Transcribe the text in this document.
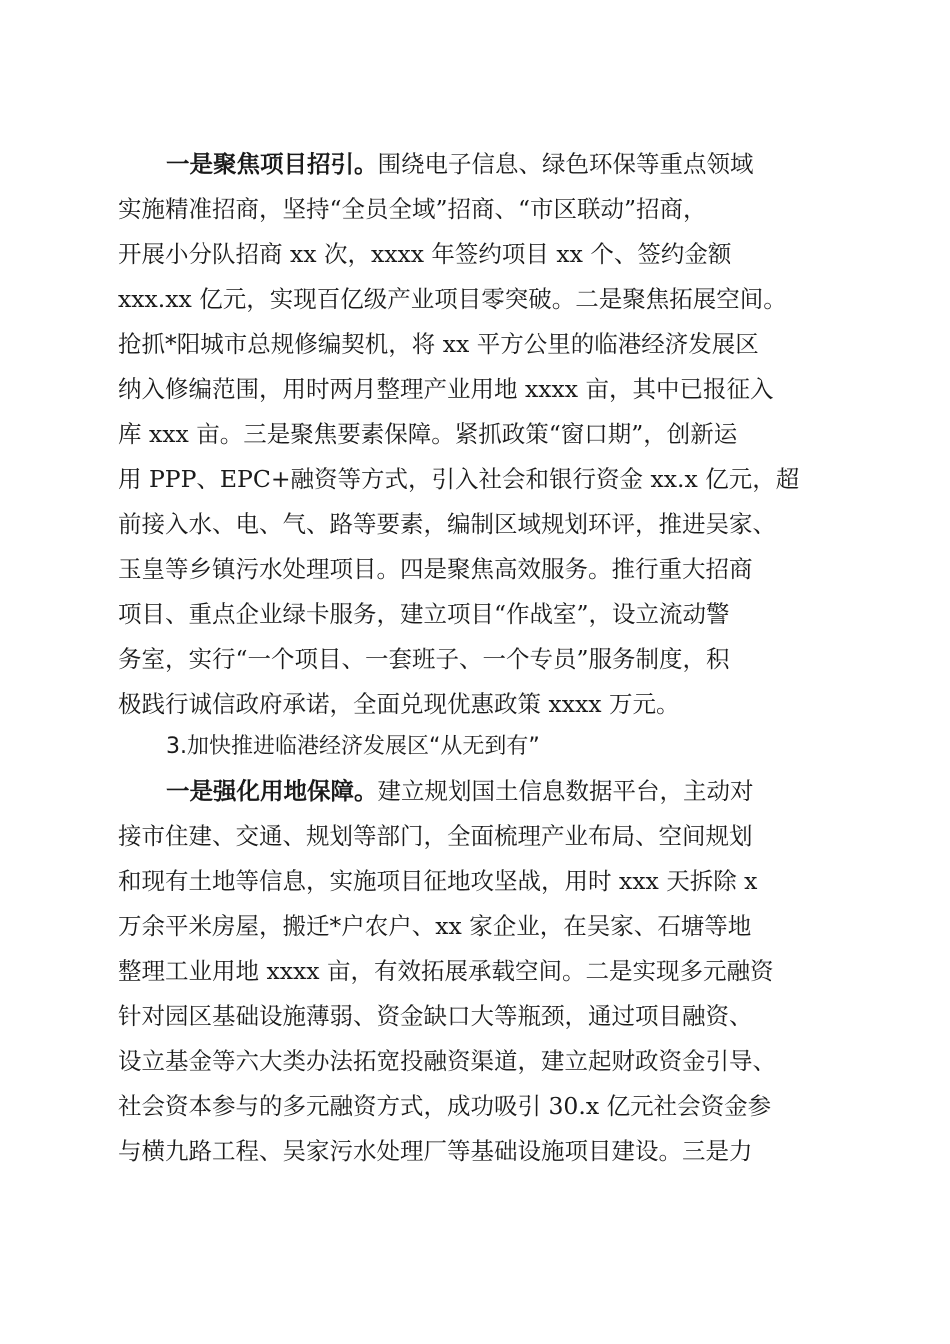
一是聚焦项目招引。围绕电子信息、绿色环保等重点领域
实施精准招商，坚持“全员全域”招商、“市区联动”招商，
开展小分队招商 xx 次，xxxx 年签约项目 xx 个、签约金额
xxx.xx 亿元，实现百亿级产业项目零突破。二是聚焦拓展空间。
抢抓*阳城市总规修编契机，将 xx 平方公里的临港经济发展区
纳入修编范围，用时两月整理产业用地 xxxx 亩，其中已报征入
库 xxx 亩。三是聚焦要素保障。紧抓政策“窗口期”，创新运
用 PPP、EPC+融资等方式，引入社会和银行资金 xx.x 亿元，超
前接入水、电、气、路等要素，编制区域规划环评，推进吴家、
玉皇等乡镇污水处理项目。四是聚焦高效服务。推行重大招商
项目、重点企业绿卡服务，建立项目“作战室”，设立流动警
务室，实行“一个项目、一套班子、一个专员”服务制度，积
极践行诚信政府承诺，全面兑现优惠政策 xxxx 万元。
3.加快推进临港经济发展区“从无到有”
一是强化用地保障。建立规划国土信息数据平台，主动对
接市住建、交通、规划等部门，全面梳理产业布局、空间规划
和现有土地等信息，实施项目征地攻坚战，用时 xxx 天拆除 x
万余平米房屋，搬迁*户农户、xx 家企业，在吴家、石塘等地
整理工业用地 xxxx 亩，有效拓展承载空间。二是实现多元融资
针对园区基础设施薄弱、资金缺口大等瓶颈，通过项目融资、
设立基金等六大类办法拓宽投融资渠道，建立起财政资金引导、
社会资本参与的多元融资方式，成功吸引 30.x 亿元社会资金参
与横九路工程、吴家污水处理厂等基础设施项目建设。三是力
